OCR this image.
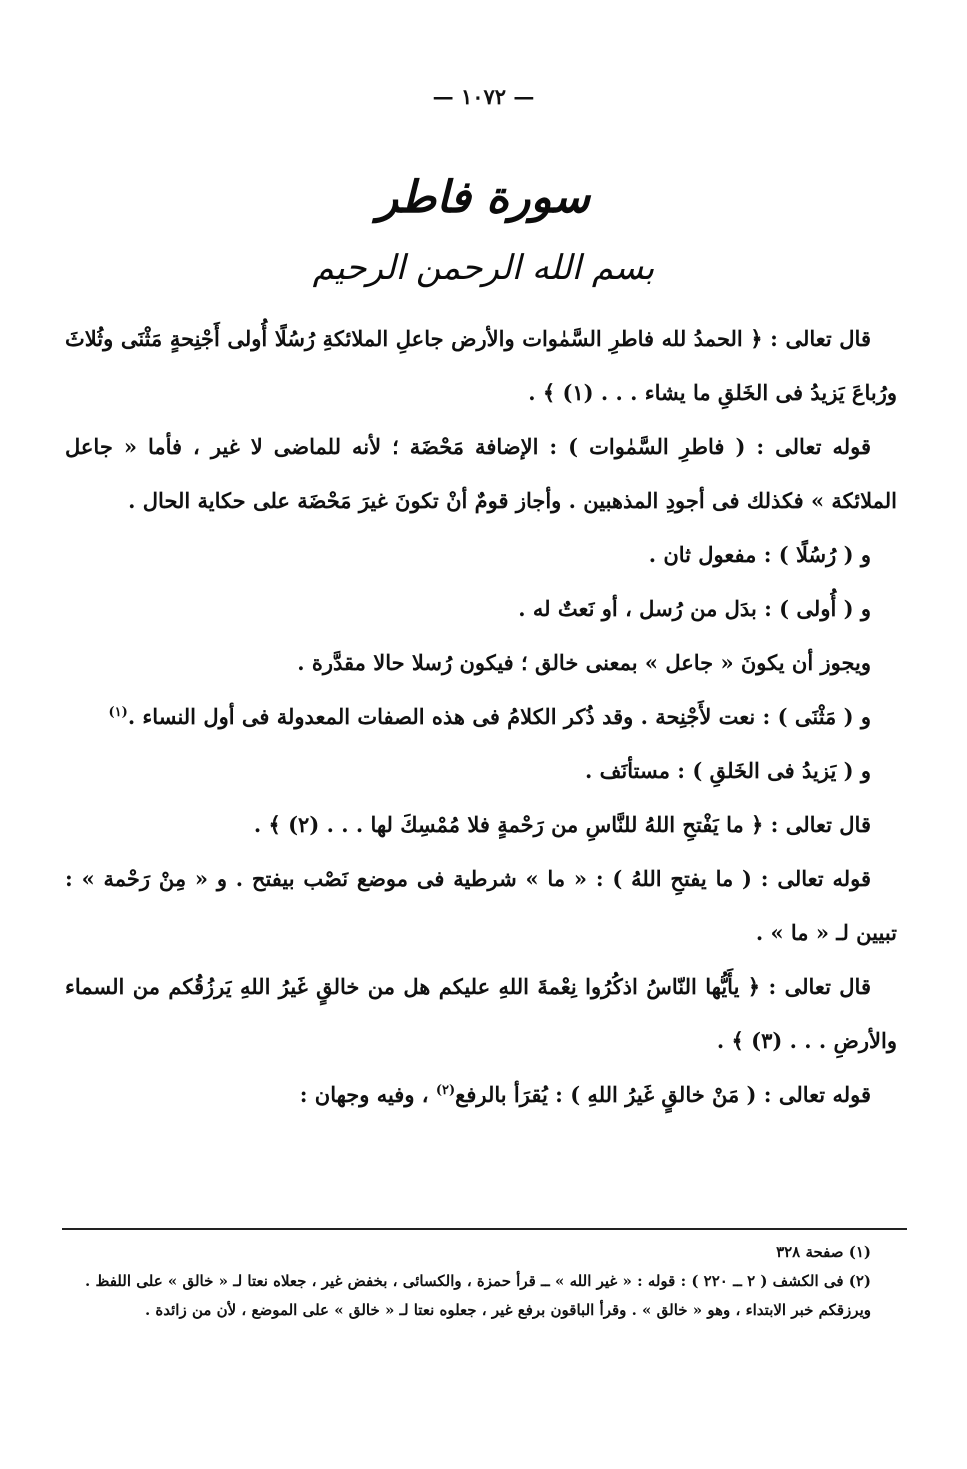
— ١٠٧٢ —
سورة فاطر
بسم الله الرحمن الرحيم

قال تعالى : ﴿ الحمدُ لله فاطرِ السَّمٰوات والأرض جاعلِ الملائكةِ رُسُلًا أُولى أَجْنِحةٍ مَثْنَى وثُلاثَ ورُباعَ يَزيدُ فى الخَلقِ ما يشاء . . . (١) ﴾ .

قوله تعالى : ( فاطرِ السَّمٰوات ) : الإضافة مَحْضَة ؛ لأنه للماضى لا غير ، فأما « جاعل الملائكة » فكذلك فى أجودِ المذهبين . وأجاز قومٌ أنْ تكونَ غيرَ مَحْضَة على حكاية الحال .

و ( رُسُلًا ) : مفعول ثان .

و ( أُولى ) : بدَل من رُسل ، أو نَعتٌ له .

ويجوز أن يكونَ « جاعل » بمعنى خالق ؛ فيكون رُسلا حالا مقدَّرة .

و ( مَثْنَى ) : نعت لأَجْنِحة . وقد ذُكر الكلامُ فى هذه الصفات المعدولة فى أول النساء .$^{(١)}$

و ( يَزيدُ فى الخَلقِ ) : مستأنَف .

قال تعالى : ﴿ ما يَفْتحِ اللهُ للنَّاسِ من رَحْمةٍ فلا مُمْسِكَ لها . . . (٢) ﴾ .

قوله تعالى : ( ما يفتحِ اللهُ ) : « ما » شرطية فى موضع نَصْب بيفتح . و « مِنْ رَحْمة » : تبيين لـ « ما » .

قال تعالى : ﴿ يأَيُّها النّاسُ اذكُرُوا نِعْمةَ اللهِ عليكم هل من خالقٍ غَيرُ اللهِ يَرزُقُكم من السماء والأرضِ . . . (٣) ﴾ .

قوله تعالى : ( مَنْ خالقٍ غَيرُ اللهِ ) : يُقرَأ بالرفع$^{(٢)}$ ، وفيه وجهان :

(١) صفحة ٣٢٨

(٢) فى الكشف ( ٢ ــ ٢٢٠ ) : قوله : « غير الله » ــ قرأ حمزة ، والكسائى ، بخفض غير ، جعلاه نعتا لـ « خالق » على اللفظ . ويرزقكم خبر الابتداء ، وهو « خالق » . وقرأ الباقون برفع غير ، جعلوه نعتا لـ « خالق » على الموضع ، لأن من زائدة .
